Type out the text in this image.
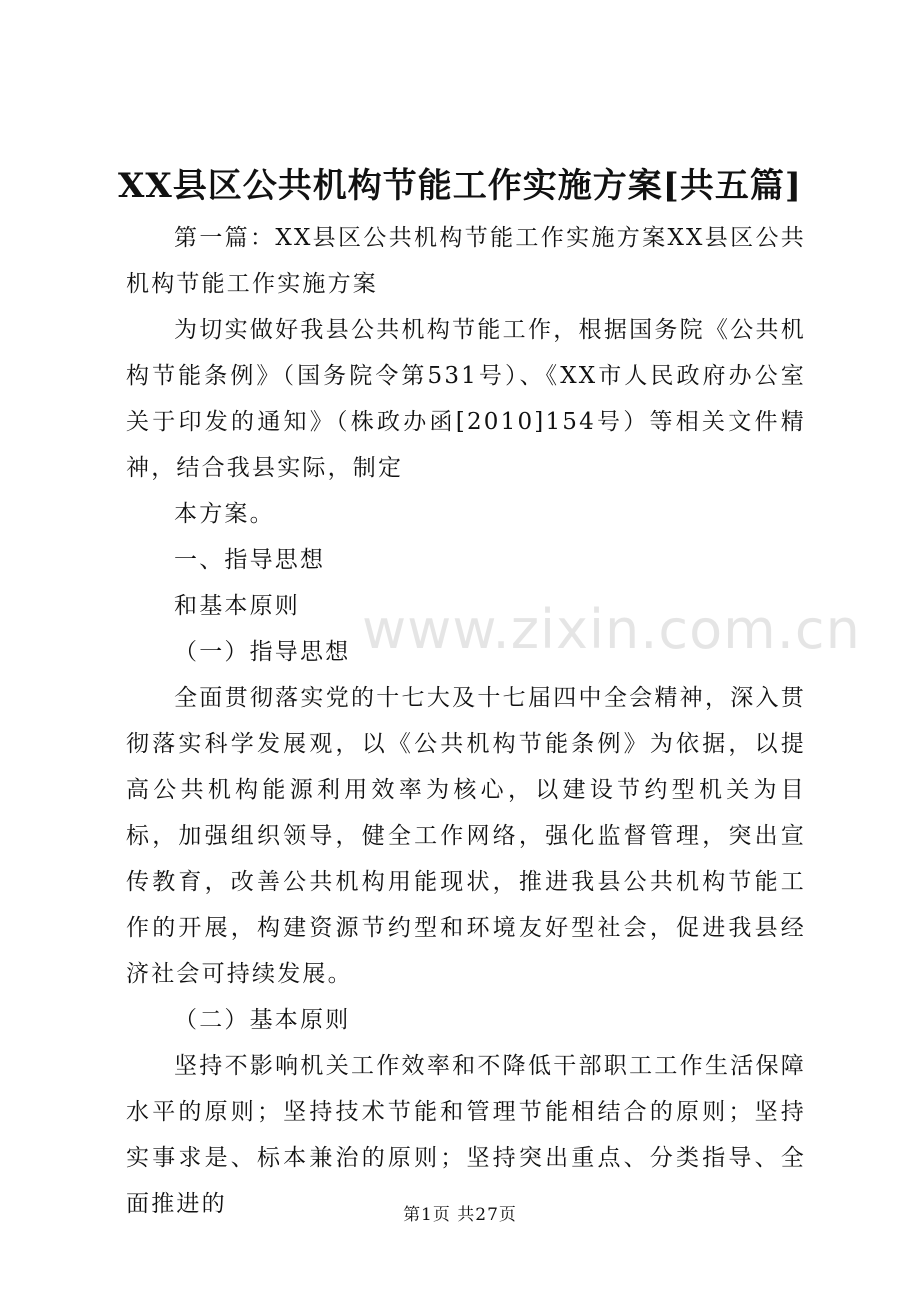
XX县区公共机构节能工作实施方案[共五篇]

第一篇：XX县区公共机构节能工作实施方案XX县区公共机构节能工作实施方案

为切实做好我县公共机构节能工作，根据国务院《公共机构节能条例》（国务院令第531号）、《XX市人民政府办公室关于印发的通知》（株政办函[2010]154号）等相关文件精神，结合我县实际，制定

本方案。

一、指导思想

和基本原则

（一）指导思想

全面贯彻落实党的十七大及十七届四中全会精神，深入贯彻落实科学发展观，以《公共机构节能条例》为依据，以提高公共机构能源利用效率为核心，以建设节约型机关为目标，加强组织领导，健全工作网络，强化监督管理，突出宣传教育，改善公共机构用能现状，推进我县公共机构节能工作的开展，构建资源节约型和环境友好型社会，促进我县经济社会可持续发展。

（二）基本原则

坚持不影响机关工作效率和不降低干部职工工作生活保障水平的原则；坚持技术节能和管理节能相结合的原则；坚持实事求是、标本兼治的原则；坚持突出重点、分类指导、全面推进的

www.zixin.com.cn
第1页 共27页
